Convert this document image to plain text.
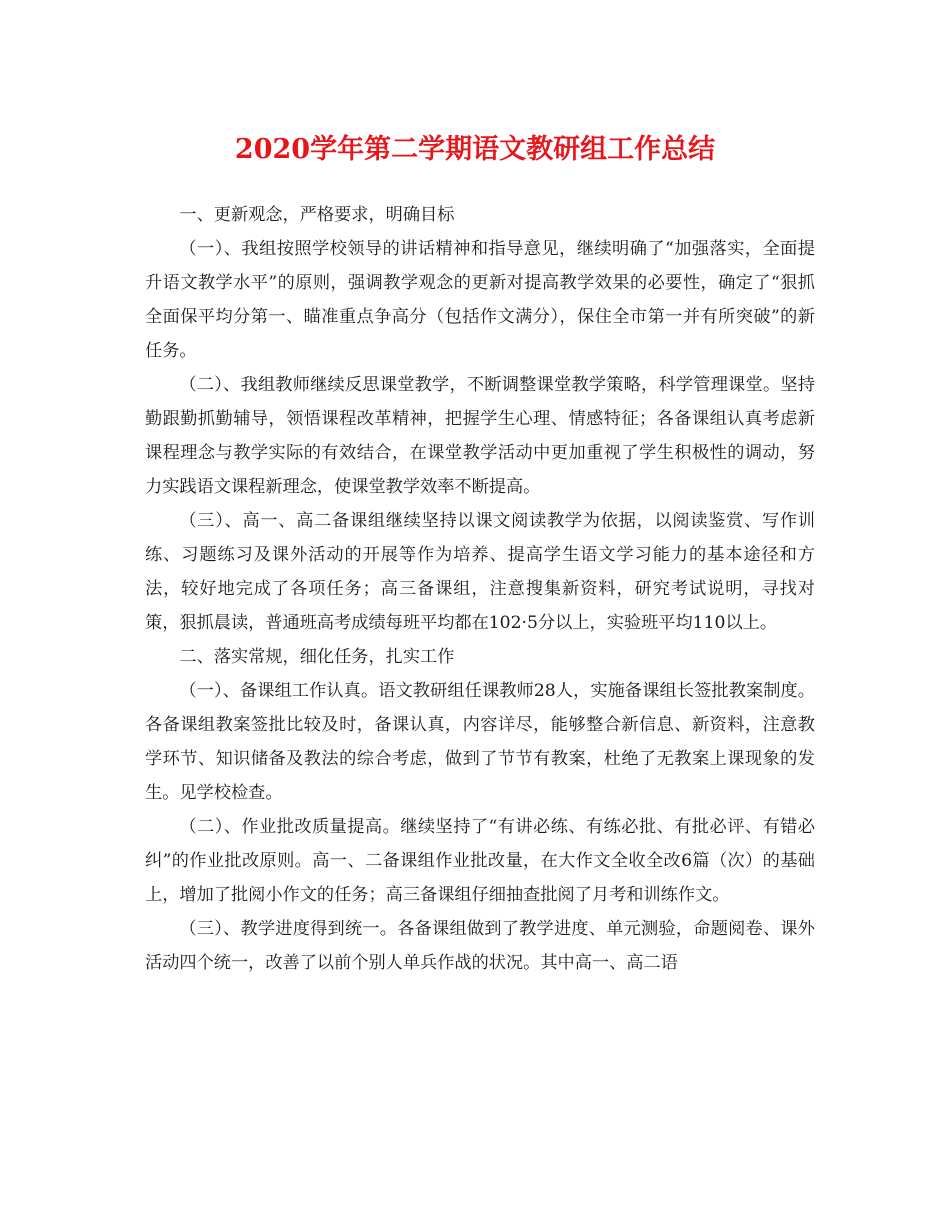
2020学年第二学期语文教研组工作总结

一、更新观念，严格要求，明确目标

（一）、我组按照学校领导的讲话精神和指导意见，继续明确了“加强落实，全面提升语文教学水平”的原则，强调教学观念的更新对提高教学效果的必要性，确定了“狠抓全面保平均分第一、瞄准重点争高分（包括作文满分），保住全市第一并有所突破”的新任务。

（二）、我组教师继续反思课堂教学，不断调整课堂教学策略，科学管理课堂。坚持勤跟勤抓勤辅导，领悟课程改革精神，把握学生心理、情感特征；各备课组认真考虑新课程理念与教学实际的有效结合，在课堂教学活动中更加重视了学生积极性的调动，努力实践语文课程新理念，使课堂教学效率不断提高。

（三）、高一、高二备课组继续坚持以课文阅读教学为依据，以阅读鉴赏、写作训练、习题练习及课外活动的开展等作为培养、提高学生语文学习能力的基本途径和方法，较好地完成了各项任务；高三备课组，注意搜集新资料，研究考试说明，寻找对策，狠抓晨读，普通班高考成绩每班平均都在102·5分以上，实验班平均110以上。

二、落实常规，细化任务，扎实工作

（一）、备课组工作认真。语文教研组任课教师28人，实施备课组长签批教案制度。各备课组教案签批比较及时，备课认真，内容详尽，能够整合新信息、新资料，注意教学环节、知识储备及教法的综合考虑，做到了节节有教案，杜绝了无教案上课现象的发生。见学校检查。

（二）、作业批改质量提高。继续坚持了“有讲必练、有练必批、有批必评、有错必纠”的作业批改原则。高一、二备课组作业批改量，在大作文全收全改6篇（次）的基础上，增加了批阅小作文的任务；高三备课组仔细抽查批阅了月考和训练作文。

（三）、教学进度得到统一。各备课组做到了教学进度、单元测验，命题阅卷、课外活动四个统一，改善了以前个别人单兵作战的状况。其中高一、高二语
